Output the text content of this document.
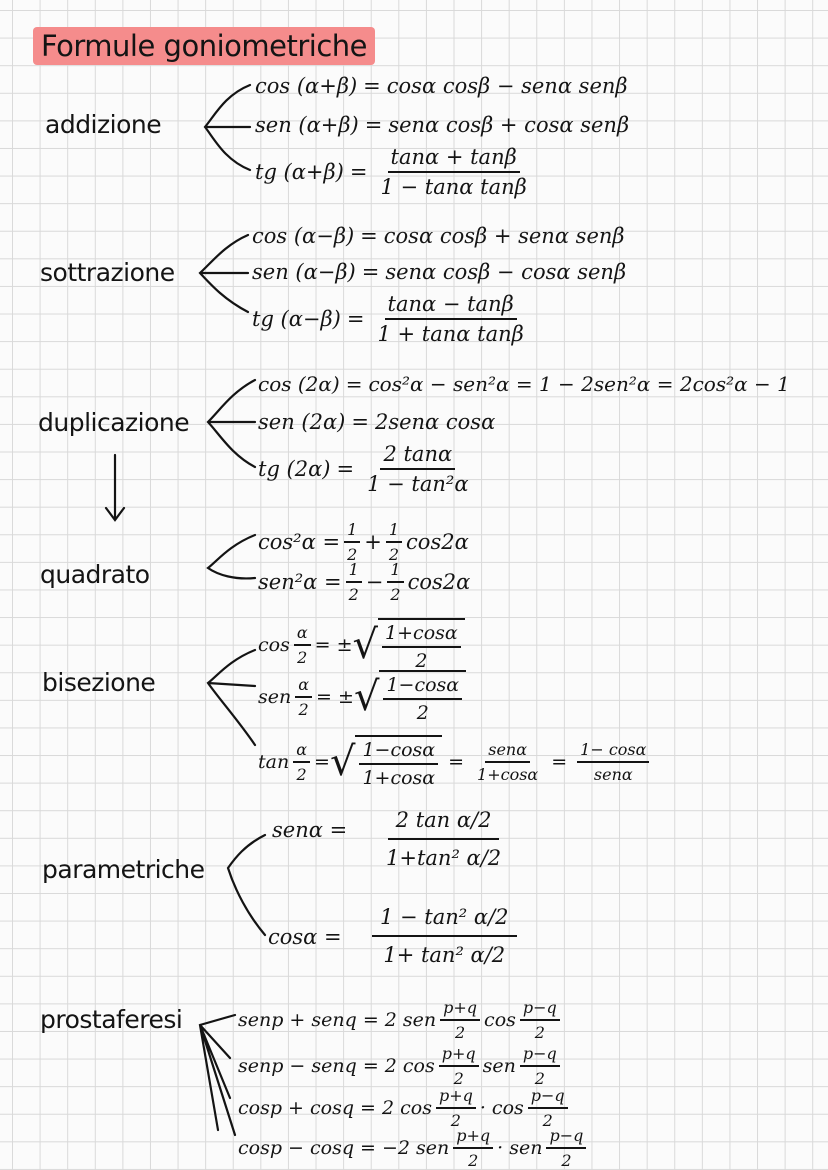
Formule goniometriche
addizione
cos (α+β) = cosα cosβ − senα senβ
sen (α+β) = senα cosβ + cosα senβ
tg $(\alpha+\beta) = \frac{\tan\alpha + \tan\beta}{\text{1 − tanα tanβ}}$
sottrazione
cos (α−β) = cosα cosβ + senα senβ
sen (α−β) = senα cosβ − cosα senβ
tg $(\alpha-\beta) = \frac{\tan\alpha - \tan\beta}{\text{1 + tanα tanβ}}$
duplicazione
cos (2α) = cos²α − sen²α = 1 − 2sen²α = 2cos²α − 1
sen (2α) = 2senα cosα
tg $(2\alpha) = \frac{2 \tan\alpha}{\text{1 − tan²α}}$
quadrato
$\cos^2\alpha = \frac{1}{2} + \frac{1}{2} \cos 2\alpha$
$sen^2\alpha = \frac{1}{2} - \frac{1}{2} \cos 2\alpha$
bisezione
$\cos \frac{\alpha}{2}$ = ± √ $\frac{1+\cos\alpha}{2}$
sen $\frac{\alpha}{2}$ = ± √ $\frac{1-\cos\alpha}{2}$
$\tan \frac{\alpha}{2}$ = √ $\frac{1-\cos\alpha}{1+\cos\alpha} = \frac{\text{senα}}{1+\cos\alpha} = \frac{1- \cos\alpha}{\text{senα}}$
parametriche
$sen\alpha = \frac{\text{2 tan α/2}}{\text{1+tan² α/2}}$
$\cos\alpha = \frac{\text{1 − tan² α/2}}{\text{1+ tan² α/2}}$
prostaferesi	senp + senq = 2 sen $\frac{p+q}{2}$ $\cos \frac{p-q}{2}$
senp − senq = 2 $\cos \frac{p+q}{2}$ sen $\frac{p-q}{2}$
cosp + cosq = 2 $\cos \frac{p+q}{2} \cdot \cos \frac{p-q}{2}$
cosp − cosq = −2 sen $\frac{p+q}{2}$ · sen $\frac{p-q}{2}$
